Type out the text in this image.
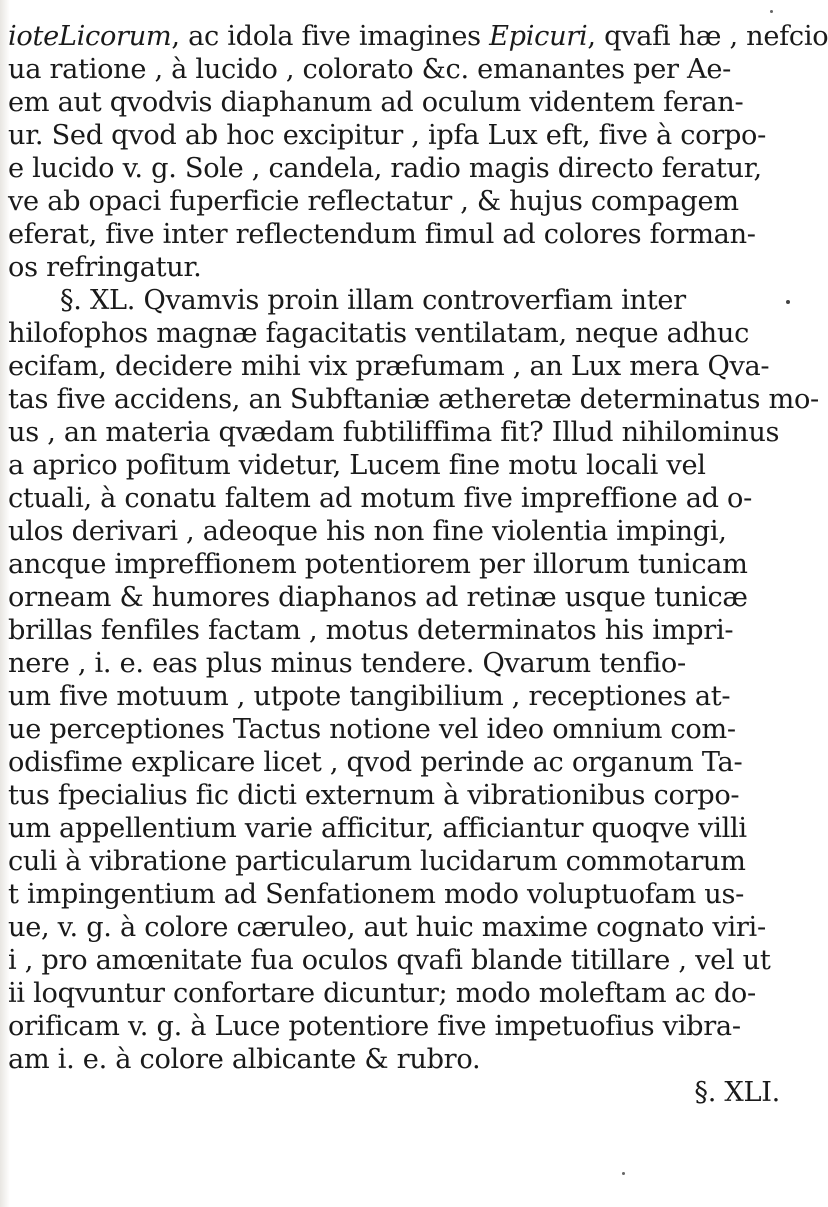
ioteLicorum, ac idola five imagines Epicuri, qvafi hæ , nefcio
ua ratione , à lucido , colorato &c. emanantes per Ae-
em aut qvodvis diaphanum ad oculum videntem feran-
ur. Sed qvod ab hoc excipitur , ipfa Lux eft, five à corpo-
e lucido v. g. Sole , candela, radio magis directo feratur,
ve ab opaci fuperficie reflectatur , & hujus compagem
eferat, five inter reflectendum fimul ad colores forman-
os refringatur.
§. XL. Qvamvis proin illam controverfiam inter
hilofophos magnæ fagacitatis ventilatam, neque adhuc
ecifam, decidere mihi vix præfumam , an Lux mera Qva-
tas five accidens, an Subftaniæ ætheretæ determinatus mo-
us , an materia qvædam fubtiliffima fit? Illud nihilominus
a aprico pofitum videtur, Lucem fine motu locali vel
ctuali, à conatu faltem ad motum five impreffione ad o-
ulos derivari , adeoque his non fine violentia impingi,
ancque impreffionem potentiorem per illorum tunicam
orneam & humores diaphanos ad retinæ usque tunicæ
brillas fenfiles factam , motus determinatos his impri-
nere , i. e. eas plus minus tendere. Qvarum tenfio-
um five motuum , utpote tangibilium , receptiones at-
ue perceptiones Tactus notione vel ideo omnium com-
odisfime explicare licet , qvod perinde ac organum Ta-
tus fpecialius fic dicti externum à vibrationibus corpo-
um appellentium varie afficitur, afficiantur quoqve villi
culi à vibratione particularum lucidarum commotarum
t impingentium ad Senfationem modo voluptuofam us-
ue, v. g. à colore cæruleo, aut huic maxime cognato viri-
i , pro amœnitate fua oculos qvafi blande titillare , vel ut
ii loqvuntur confortare dicuntur; modo moleftam ac do-
orificam v. g. à Luce potentiore five impetuofius vibra-
am i. e. à colore albicante & rubro.
§. XLI.
